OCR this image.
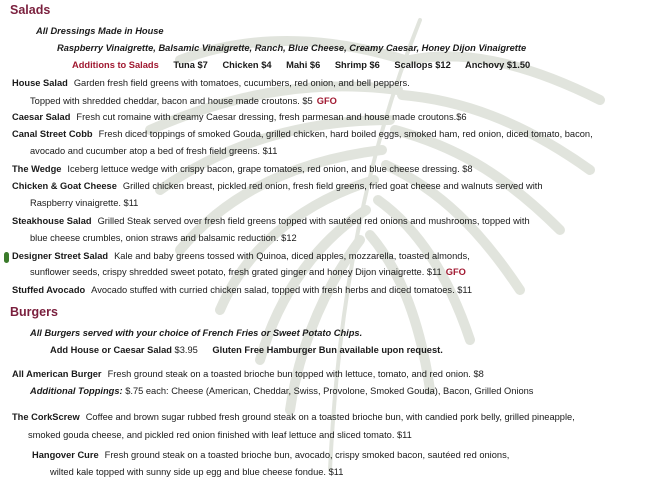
Salads
All Dressings Made in House
Raspberry Vinaigrette, Balsamic Vinaigrette, Ranch, Blue Cheese, Creamy Caesar, Honey Dijon Vinaigrette
Additions to Salads Tuna $7 Chicken $4 Mahi $6 Shrimp $6 Scallops $12 Anchovy $1.50
House Salad Garden fresh field greens with tomatoes, cucumbers, red onion, and bell peppers.
Topped with shredded cheddar, bacon and house made croutons. $5 GFO
Caesar Salad Fresh cut romaine with creamy Caesar dressing, fresh parmesan and house made croutons.$6
Canal Street Cobb Fresh diced toppings of smoked Gouda, grilled chicken, hard boiled eggs, smoked ham, red onion, diced tomato, bacon,
avocado and cucumber atop a bed of fresh field greens. $11
The Wedge Iceberg lettuce wedge with crispy bacon, grape tomatoes, red onion, and blue cheese dressing. $8
Chicken & Goat Cheese Grilled chicken breast, pickled red onion, fresh field greens, fried goat cheese and walnuts served with
Raspberry vinaigrette. $11
Steakhouse Salad Grilled Steak served over fresh field greens topped with sautéed red onions and mushrooms, topped with
blue cheese crumbles, onion straws and balsamic reduction. $12
Designer Street Salad Kale and baby greens tossed with Quinoa, diced apples, mozzarella, toasted almonds,
sunflower seeds, crispy shredded sweet potato, fresh grated ginger and honey Dijon vinaigrette. $11 GFO
Stuffed Avocado Avocado stuffed with curried chicken salad, topped with fresh herbs and diced tomatoes. $11
Burgers
All Burgers served with your choice of French Fries or Sweet Potato Chips.
Add House or Caesar Salad $3.95 Gluten Free Hamburger Bun available upon request.
All American Burger Fresh ground steak on a toasted brioche bun topped with lettuce, tomato, and red onion. $8
Additional Toppings: $.75 each: Cheese (American, Cheddar, Swiss, Provolone, Smoked Gouda), Bacon, Grilled Onions
The CorkScrew Coffee and brown sugar rubbed fresh ground steak on a toasted brioche bun, with candied pork belly, grilled pineapple,
smoked gouda cheese, and pickled red onion finished with leaf lettuce and sliced tomato. $11
Hangover Cure Fresh ground steak on a toasted brioche bun, avocado, crispy smoked bacon, sautéed red onions,
wilted kale topped with sunny side up egg and blue cheese fondue. $11
